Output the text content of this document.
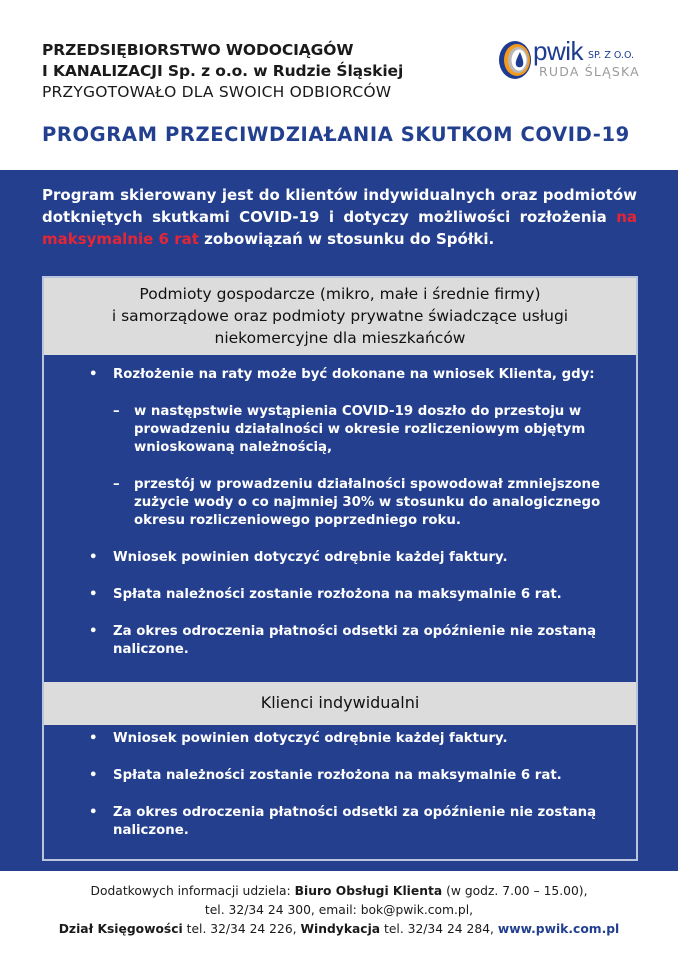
PRZEDSIĘBIORSTWO WODOCIĄGÓW
I KANALIZACJI Sp. z o.o. w Rudzie Śląskiej
PRZYGOTOWAŁO DLA SWOICH ODBIORCÓW
pwik SP. Z O.O.
RUDA ŚLĄSKA
PROGRAM PRZECIWDZIAŁANIA SKUTKOM COVID-19

Program skierowany jest do klientów indywidualnych oraz podmiotów dotkniętych skutkami COVID-19 i dotyczy możliwości rozłożenia na maksymalnie 6 rat zobowiązań w stosunku do Spółki.

Podmioty gospodarcze (mikro, małe i średnie firmy)
i samorządowe oraz podmioty prywatne świadczące usługi
niekomercyjne dla mieszkańców
• Rozłożenie na raty może być dokonane na wniosek Klienta, gdy:
– w następstwie wystąpienia COVID-19 doszło do przestoju w prowadzeniu działalności w okresie rozliczeniowym objętym wnioskowaną należnością,
– przestój w prowadzeniu działalności spowodował zmniejszone zużycie wody o co najmniej 30% w stosunku do analogicznego okresu rozliczeniowego poprzedniego roku.
• Wniosek powinien dotyczyć odrębnie każdej faktury.
• Spłata należności zostanie rozłożona na maksymalnie 6 rat.
• Za okres odroczenia płatności odsetki za opóźnienie nie zostaną naliczone.
Klienci indywidualni
• Wniosek powinien dotyczyć odrębnie każdej faktury.
• Spłata należności zostanie rozłożona na maksymalnie 6 rat.
• Za okres odroczenia płatności odsetki za opóźnienie nie zostaną naliczone.
Dodatkowych informacji udziela: Biuro Obsługi Klienta (w godz. 7.00 – 15.00),
tel. 32/34 24 300, email: bok@pwik.com.pl,
Dział Księgowości tel. 32/34 24 226, Windykacja tel. 32/34 24 284, www.pwik.com.pl
